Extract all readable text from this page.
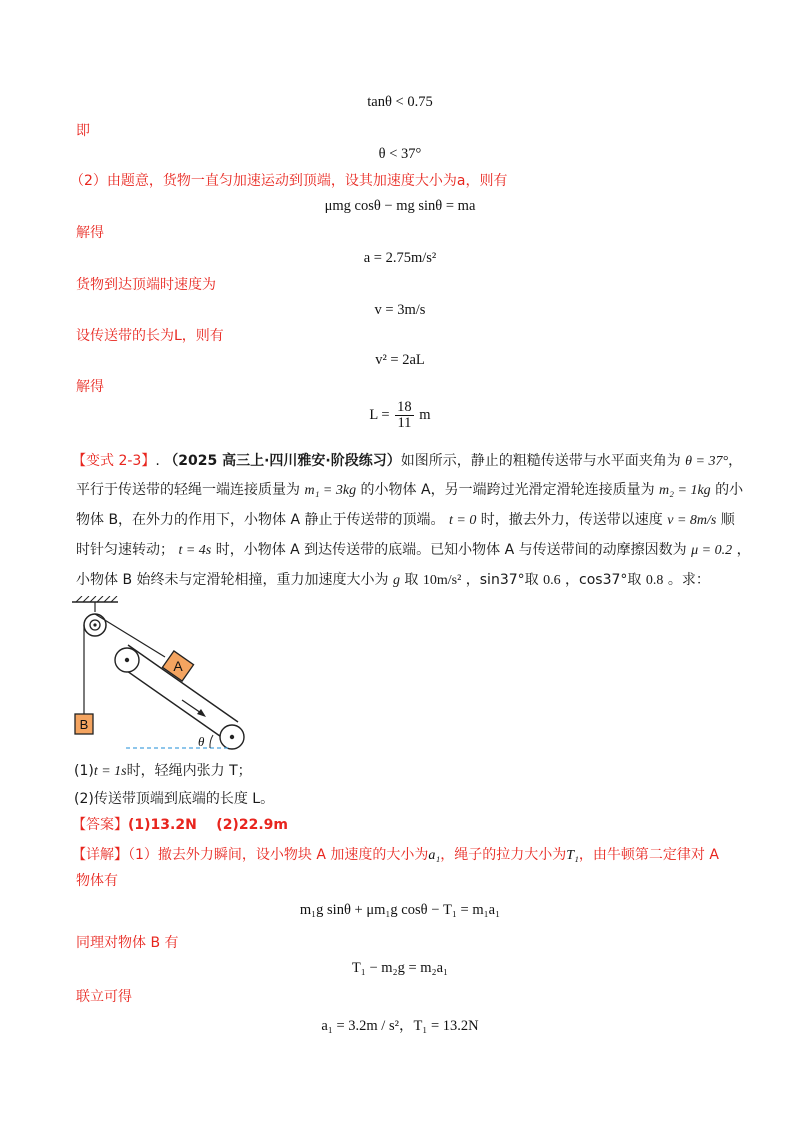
tanθ < 0.75
即
θ < 37°
（2）由题意，货物一直匀加速运动到顶端，设其加速度大小为a，则有
μmg cosθ − mg sinθ = ma
解得
a = 2.75m/s²
货物到达顶端时速度为
v = 3m/s
设传送带的长为L，则有
v² = 2aL
解得
$L = \frac{18}{11}$ m
【变式 2-3】. （2025 高三上·四川雅安·阶段练习）如图所示，静止的粗糙传送带与水平面夹角为 θ = 37°，
平行于传送带的轻绳一端连接质量为 m₁ = 3kg 的小物体 A，另一端跨过光滑定滑轮连接质量为 m₂ = 1kg 的小
物体 B，在外力的作用下，小物体 A 静止于传送带的顶端。 t = 0 时，撤去外力，传送带以速度 v = 8m/s 顺
时针匀速转动； t = 4s 时，小物体 A 到达传送带的底端。已知小物体 A 与传送带间的动摩擦因数为 μ = 0.2 ，
小物体 B 始终未与定滑轮相撞，重力加速度大小为 g 取 10m/s² ，sin37°取 0.6 ，cos37°取 0.8 。求：
A
B
θ
(1)t = 1s时，轻绳内张力 T；
(2)传送带顶端到底端的长度 L。
【答案】(1)13.2N    (2)22.9m
【详解】（1）撤去外力瞬间，设小物块 A 加速度的大小为a₁，绳子的拉力大小为T₁，由牛顿第二定律对 A
物体有
m₁g sinθ + μm₁g cosθ − T₁ = m₁a₁
同理对物体 B 有
T₁ − m₂g = m₂a₁
联立可得
a₁ = 3.2m / s²，T₁ = 13.2N
